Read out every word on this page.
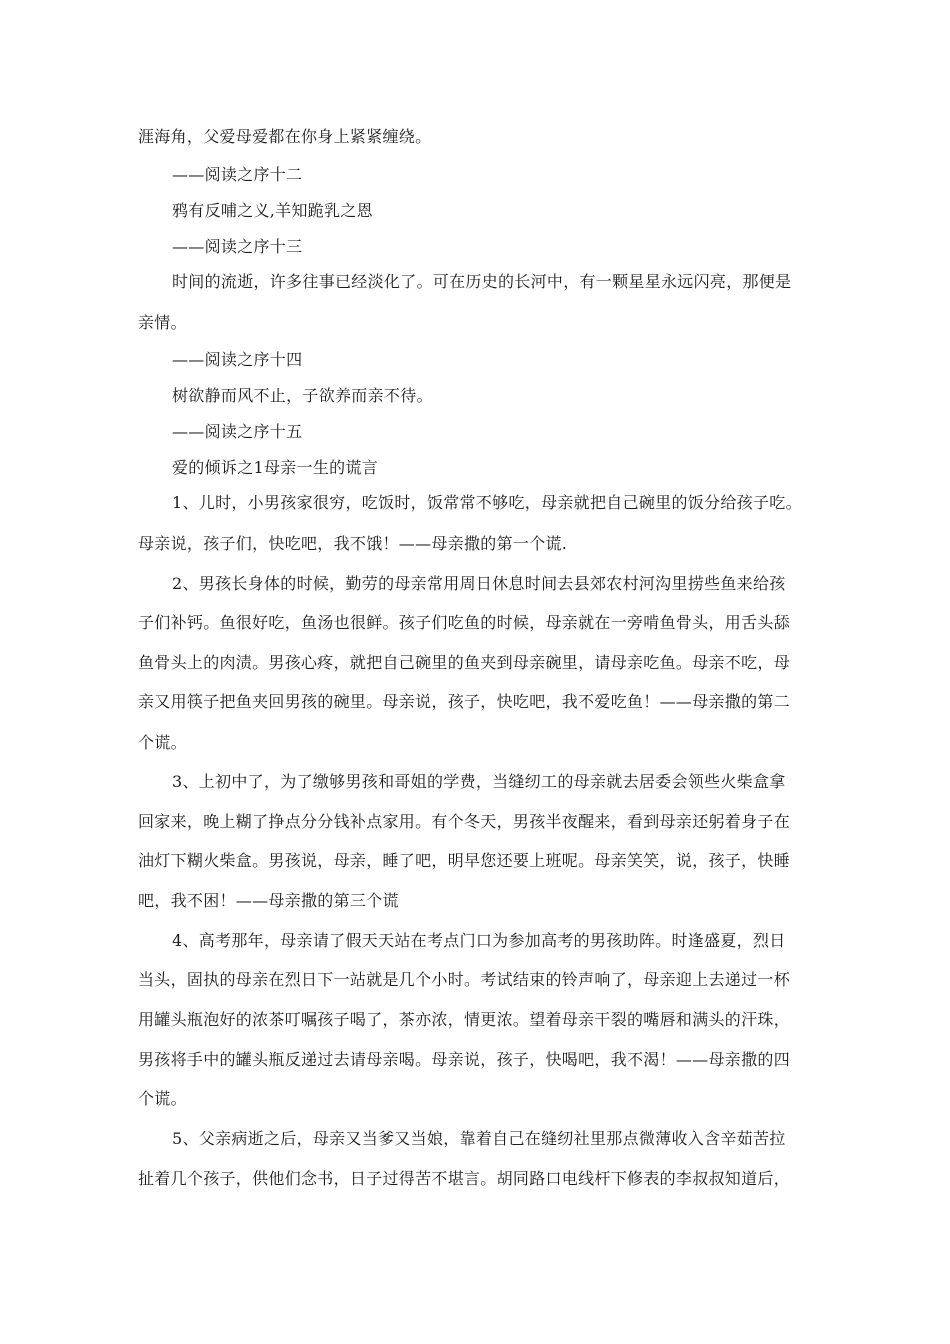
涯海角，父爱母爱都在你身上紧紧缠绕。
——阅读之序十二
鸦有反哺之义,羊知跪乳之恩
——阅读之序十三
时间的流逝，许多往事已经淡化了。可在历史的长河中，有一颗星星永远闪亮，那便是
亲情。
——阅读之序十四
树欲静而风不止，子欲养而亲不待。
——阅读之序十五
爱的倾诉之1母亲一生的谎言
1、儿时，小男孩家很穷，吃饭时，饭常常不够吃，母亲就把自己碗里的饭分给孩子吃。
母亲说，孩子们，快吃吧，我不饿！——母亲撒的第一个谎.
2、男孩长身体的时候，勤劳的母亲常用周日休息时间去县郊农村河沟里捞些鱼来给孩
子们补钙。鱼很好吃，鱼汤也很鲜。孩子们吃鱼的时候，母亲就在一旁啃鱼骨头，用舌头舔
鱼骨头上的肉渍。男孩心疼，就把自己碗里的鱼夹到母亲碗里，请母亲吃鱼。母亲不吃，母
亲又用筷子把鱼夹回男孩的碗里。母亲说，孩子，快吃吧，我不爱吃鱼！——母亲撒的第二
个谎。
3、上初中了，为了缴够男孩和哥姐的学费，当缝纫工的母亲就去居委会领些火柴盒拿
回家来，晚上糊了挣点分分钱补点家用。有个冬天，男孩半夜醒来，看到母亲还躬着身子在
油灯下糊火柴盒。男孩说，母亲，睡了吧，明早您还要上班呢。母亲笑笑，说，孩子，快睡
吧，我不困！——母亲撒的第三个谎
4、高考那年，母亲请了假天天站在考点门口为参加高考的男孩助阵。时逢盛夏，烈日
当头，固执的母亲在烈日下一站就是几个小时。考试结束的铃声响了，母亲迎上去递过一杯
用罐头瓶泡好的浓茶叮嘱孩子喝了，茶亦浓，情更浓。望着母亲干裂的嘴唇和满头的汗珠，
男孩将手中的罐头瓶反递过去请母亲喝。母亲说，孩子，快喝吧，我不渴！——母亲撒的四
个谎。
5、父亲病逝之后，母亲又当爹又当娘，靠着自己在缝纫社里那点微薄收入含辛茹苦拉
扯着几个孩子，供他们念书，日子过得苦不堪言。胡同路口电线杆下修表的李叔叔知道后，
